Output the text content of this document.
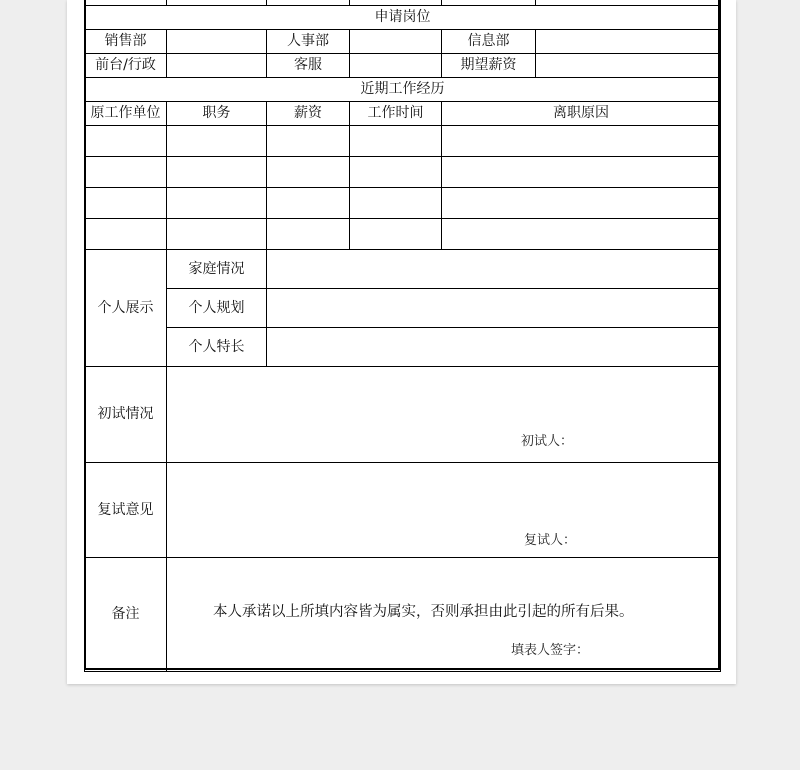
申请岗位					
销售部		人事部		信息部	
前台/行政		客服		期望薪资	
近期工作经历					
原工作单位	职务	薪资	工作时间	离职原因	

个人展示	家庭情况				
	个人规划				
	个人特长				
初试情况	初试人：				

复试意见	复试人：				

备注	本人承诺以上所填内容皆为属实，否则承担由此引起的所有后果。
填表人签字：				
